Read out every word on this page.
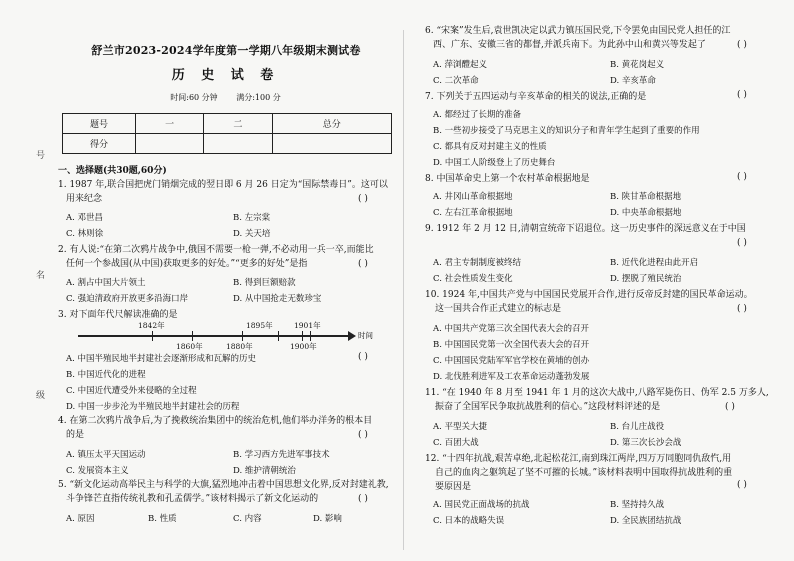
号
名
级
舒兰市2023-2024学年度第一学期八年级期末测试卷
历 史 试 卷
时间:60 分钟 满分:100 分
题号	一	二	总分
得分			
一、选择题(共30题,60分)
1. 1987 年,联合国把虎门销烟完成的翌日即 6 月 26 日定为“国际禁毒日”。这可以
用来纪念	( )
A. 邓世昌	B. 左宗棠
C. 林则徐	D. 关天培
2. 有人说:“在第二次鸦片战争中,俄国不需要一枪一弹,不必动用一兵一卒,而能比
任何一个参战国(从中国)获取更多的好处。”“更多的好处”是指	( )
A. 割占中国大片领土	B. 得到巨额赔款
C. 强迫清政府开放更多沿海口岸	D. 从中国抢走无数珍宝
3. 对下面年代尺解读准确的是
1842年	1895年	1901年
时间
1860年	1880年	1900年
A. 中国半殖民地半封建社会逐渐形成和瓦解的历史
B. 中国近代化的进程
C. 中国近代遭受外来侵略的全过程
D. 中国一步步沦为半殖民地半封建社会的历程
( )
4. 在第二次鸦片战争后,为了挽救统治集团中的统治危机,他们举办洋务的根本目
的是	( )
A. 镇压太平天国运动	B. 学习西方先进军事技术
C. 发展资本主义	D. 维护清朝统治
5. “新文化运动高举民主与科学的大旗,猛烈地冲击着中国思想文化界,反对封建礼教,
斗争锋芒直指传统礼教和孔孟儒学。”该材料揭示了新文化运动的	( )
A. 原因	B. 性质	C. 内容	D. 影响
6. “宋案”发生后,袁世凯决定以武力镇压国民党,下令罢免由国民党人担任的江
西、广东、安徽三省的都督,并派兵南下。为此孙中山和黄兴等发起了	( )
A. 萍浏醴起义	B. 黄花岗起义
C. 二次革命	D. 辛亥革命
7. 下列关于五四运动与辛亥革命的相关的说法,正确的是	( )
A. 都经过了长期的准备
B. 一些初步接受了马克思主义的知识分子和青年学生起到了重要的作用
C. 都具有反对封建主义的性质
D. 中国工人阶级登上了历史舞台
8. 中国革命史上第一个农村革命根据地是	( )
A. 井冈山革命根据地	B. 陕甘革命根据地
C. 左右江革命根据地	D. 中央革命根据地
9. 1912 年 2 月 12 日,清朝宣统帝下诏退位。这一历史事件的深远意义在于中国
( )
A. 君主专制制度被终结	B. 近代化进程由此开启
C. 社会性质发生变化	D. 摆脱了殖民统治
10. 1924 年,中国共产党与中国国民党展开合作,进行反帝反封建的国民革命运动。
这一国共合作正式建立的标志是	( )
A. 中国共产党第三次全国代表大会的召开
B. 中国国民党第一次全国代表大会的召开
C. 中国国民党陆军军官学校在黄埔的创办
D. 北伐胜利进军及工农革命运动蓬勃发展
11. “在 1940 年 8 月至 1941 年 1 月的这次大战中,八路军毙伤日、伪军 2.5 万多人,
振奋了全国军民争取抗战胜利的信心。”这段材料评述的是	( )
A. 平型关大捷	B. 台儿庄战役
C. 百团大战	D. 第三次长沙会战
12. “十四年抗战,艰苦卓绝,北起松花江,南到珠江两岸,四万万同胞同仇敌忾,用
自己的血肉之躯筑起了坚不可摧的长城。”该材料表明中国取得抗战胜利的重
要原因是	( )
A. 国民党正面战场的抗战	B. 坚持持久战
C. 日本的战略失误	D. 全民族团结抗战
